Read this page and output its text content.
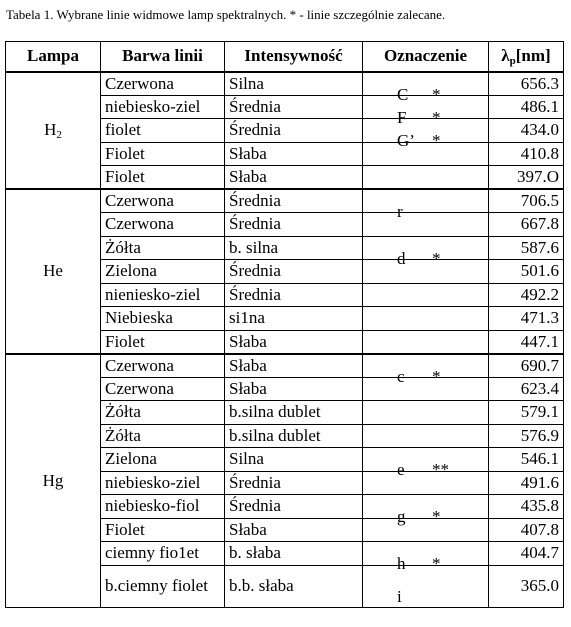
Tabela 1. Wybrane linie widmowe lamp spektralnych. * - linie szczególnie zalecane.
Lampa	Barwa linii	Intensywność	Oznaczenie	$\lambda_p[nm]$
$H_2$	Czerwona	Silna	C *	656.3
	niebiesko-ziel	Średnia	F *	486.1
	fiolet	Średnia	G’ *	434.0
	Fiolet	Słaba		410.8
	Fiolet	Słaba		397.O
He	Czerwona	Średnia	r	706.5
	Czerwona	Średnia		667.8
	Żółta	b. silna	d *	587.6
	Zielona	Średnia		501.6
	nieniesko-ziel	Średnia		492.2
	Niebieska	si1na		471.3
	Fiolet	Słaba		447.1
Hg	Czerwona	Słaba	c *	690.7
	Czerwona	Słaba		623.4
	Żółta	b.silna dublet		579.1
	Żółta	b.silna dublet		576.9
	Zielona	Silna	e **	546.1
	niebiesko-ziel	Średnia		491.6
	niebiesko-fiol	Średnia	g *	435.8
	Fiolet	Słaba		407.8
	ciemny fio1et	b. słaba	h *	404.7
	b.ciemny fiolet	b.b. słaba	i	365.0
